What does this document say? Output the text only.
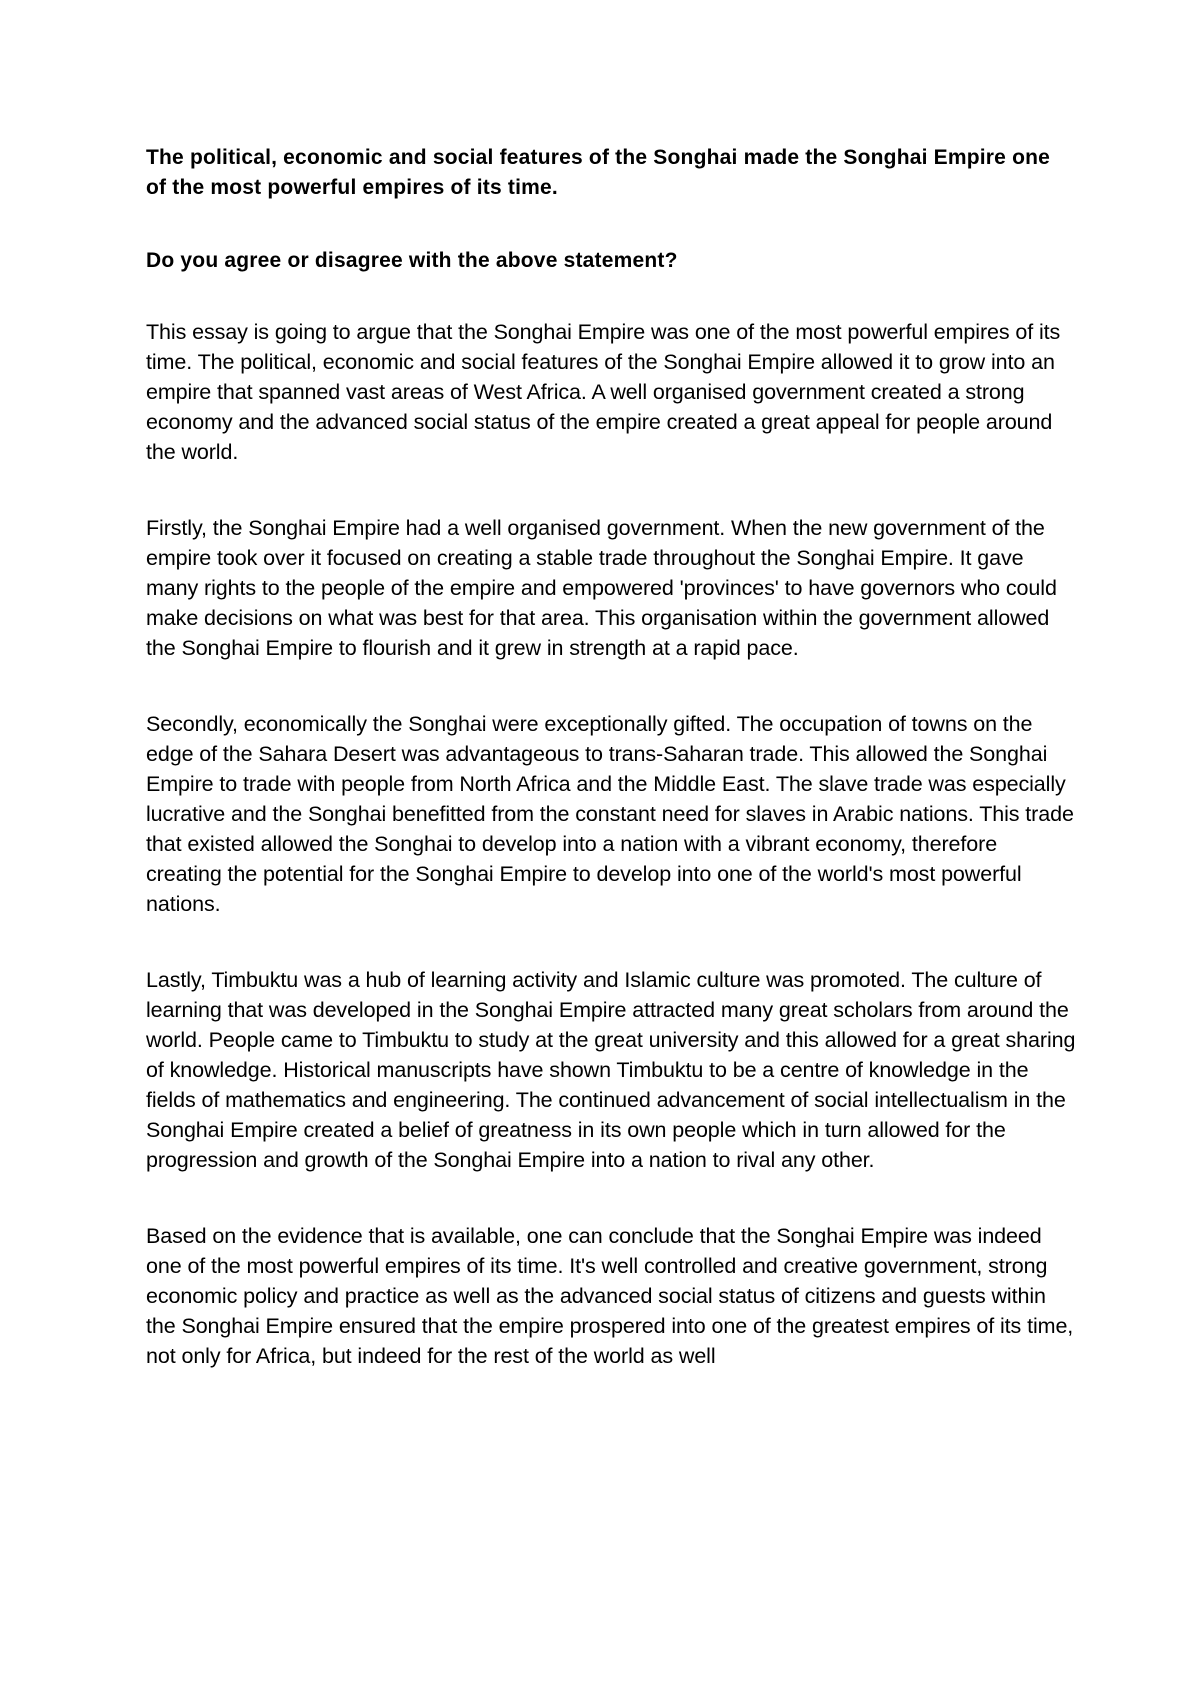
The political, economic and social features of the Songhai made the Songhai Empire one of the most powerful empires of its time.

Do you agree or disagree with the above statement?

This essay is going to argue that the Songhai Empire was one of the most powerful empires of its time. The political, economic and social features of the Songhai Empire allowed it to grow into an empire that spanned vast areas of West Africa. A well organised government created a strong economy and the advanced social status of the empire created a great appeal for people around the world.

Firstly, the Songhai Empire had a well organised government. When the new government of the empire took over it focused on creating a stable trade throughout the Songhai Empire. It gave many rights to the people of the empire and empowered 'provinces' to have governors who could make decisions on what was best for that area. This organisation within the government allowed the Songhai Empire to flourish and it grew in strength at a rapid pace.

Secondly, economically the Songhai were exceptionally gifted. The occupation of towns on the edge of the Sahara Desert was advantageous to trans-Saharan trade. This allowed the Songhai Empire to trade with people from North Africa and the Middle East. The slave trade was especially lucrative and the Songhai benefitted from the constant need for slaves in Arabic nations. This trade that existed allowed the Songhai to develop into a nation with a vibrant economy, therefore creating the potential for the Songhai Empire to develop into one of the world's most powerful nations.

Lastly, Timbuktu was a hub of learning activity and Islamic culture was promoted. The culture of learning that was developed in the Songhai Empire attracted many great scholars from around the world. People came to Timbuktu to study at the great university and this allowed for a great sharing of knowledge. Historical manuscripts have shown Timbuktu to be a centre of knowledge in the fields of mathematics and engineering. The continued advancement of social intellectualism in the Songhai Empire created a belief of greatness in its own people which in turn allowed for the progression and growth of the Songhai Empire into a nation to rival any other.

Based on the evidence that is available, one can conclude that the Songhai Empire was indeed one of the most powerful empires of its time. It's well controlled and creative government, strong economic policy and practice as well as the advanced social status of citizens and guests within the Songhai Empire ensured that the empire prospered into one of the greatest empires of its time, not only for Africa, but indeed for the rest of the world as well
